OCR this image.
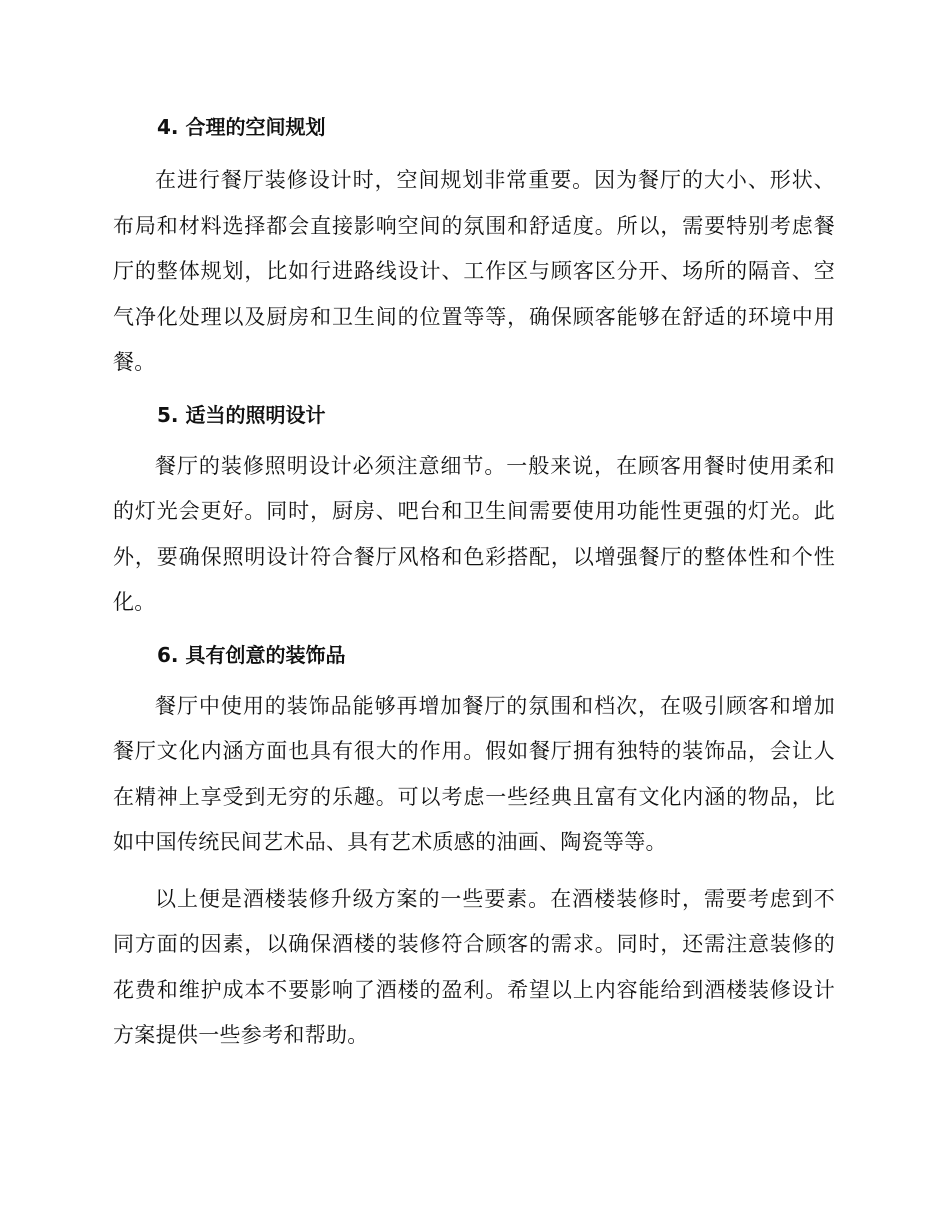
4. 合理的空间规划

在进行餐厅装修设计时，空间规划非常重要。因为餐厅的大小、形状、布局和材料选择都会直接影响空间的氛围和舒适度。所以，需要特别考虑餐厅的整体规划，比如行进路线设计、工作区与顾客区分开、场所的隔音、空气净化处理以及厨房和卫生间的位置等等，确保顾客能够在舒适的环境中用餐。

5. 适当的照明设计

餐厅的装修照明设计必须注意细节。一般来说，在顾客用餐时使用柔和的灯光会更好。同时，厨房、吧台和卫生间需要使用功能性更强的灯光。此外，要确保照明设计符合餐厅风格和色彩搭配，以增强餐厅的整体性和个性化。

6. 具有创意的装饰品

餐厅中使用的装饰品能够再增加餐厅的氛围和档次，在吸引顾客和增加餐厅文化内涵方面也具有很大的作用。假如餐厅拥有独特的装饰品，会让人在精神上享受到无穷的乐趣。可以考虑一些经典且富有文化内涵的物品，比如中国传统民间艺术品、具有艺术质感的油画、陶瓷等等。

以上便是酒楼装修升级方案的一些要素。在酒楼装修时，需要考虑到不同方面的因素，以确保酒楼的装修符合顾客的需求。同时，还需注意装修的花费和维护成本不要影响了酒楼的盈利。希望以上内容能给到酒楼装修设计方案提供一些参考和帮助。
